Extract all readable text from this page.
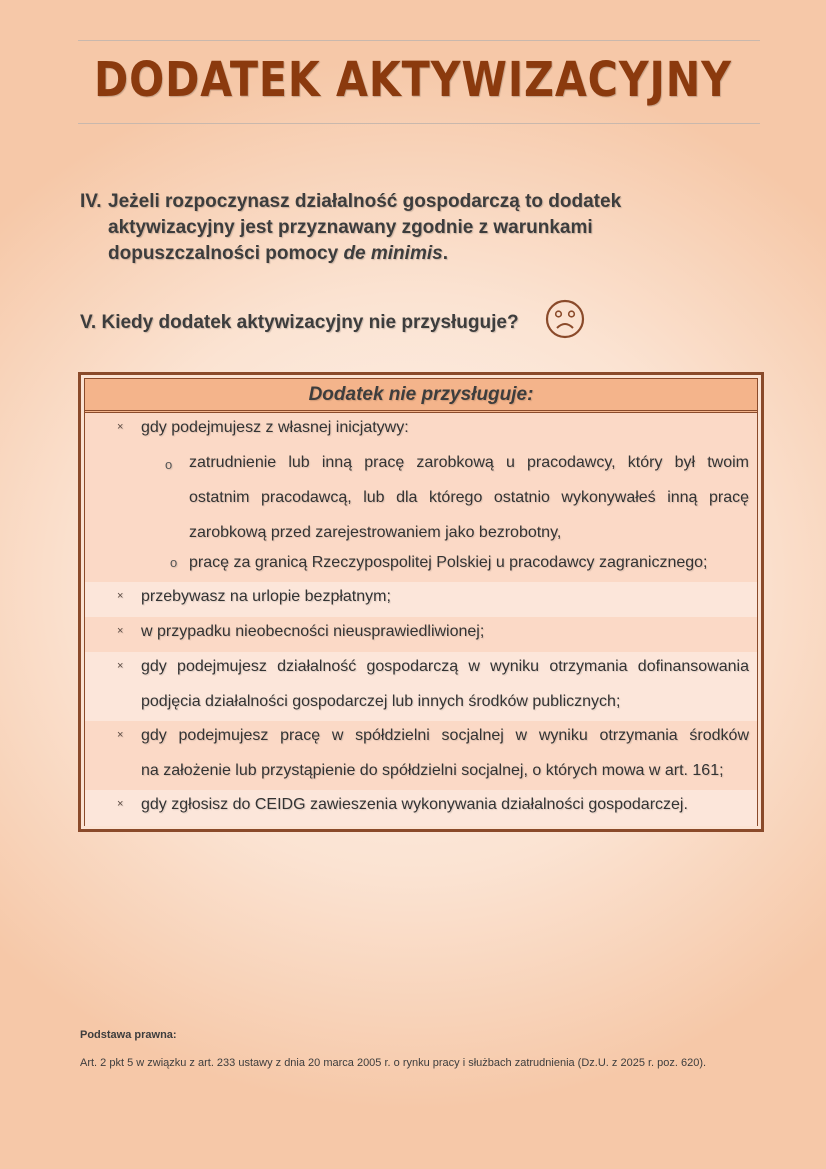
DODATEK AKTYWIZACYJNY
IV. Jeżeli rozpoczynasz działalność gospodarczą to dodatek
aktywizacyjny jest przyznawany zgodnie z warunkami
dopuszczalności pomocy de minimis.
V. Kiedy dodatek aktywizacyjny nie przysługuje?
Dodatek nie przysługuje:
× gdy podejmujesz z własnej inicjatywy:
o zatrudnienie lub inną pracę zarobkową u pracodawcy, który był twoim
ostatnim pracodawcą, lub dla którego ostatnio wykonywałeś inną pracę
zarobkową przed zarejestrowaniem jako bezrobotny,
o pracę za granicą Rzeczypospolitej Polskiej u pracodawcy zagranicznego;
× przebywasz na urlopie bezpłatnym;
× w przypadku nieobecności nieusprawiedliwionej;
× gdy podejmujesz działalność gospodarczą w wyniku otrzymania dofinansowania
podjęcia działalności gospodarczej lub innych środków publicznych;
× gdy podejmujesz pracę w spółdzielni socjalnej w wyniku otrzymania środków
na założenie lub przystąpienie do spółdzielni socjalnej, o których mowa w art. 161;
× gdy zgłosisz do CEIDG zawieszenia wykonywania działalności gospodarczej.
Podstawa prawna:
Art. 2 pkt 5 w związku z art. 233 ustawy z dnia 20 marca 2005 r. o rynku pracy i służbach zatrudnienia (Dz.U. z 2025 r. poz. 620).
